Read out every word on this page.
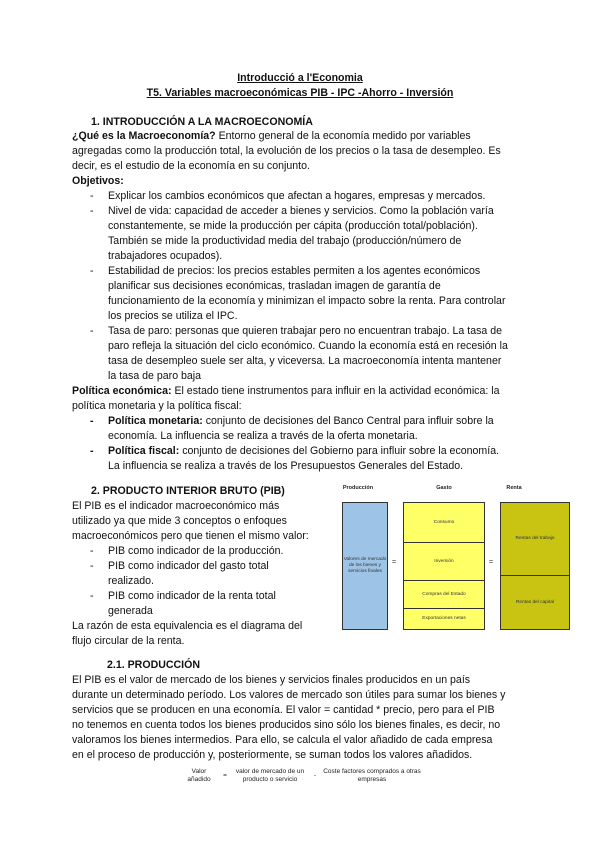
Introducció a l'Economia
T5. Variables macroeconómicas PIB - IPC -Ahorro - Inversión
1. INTRODUCCIÓN A LA MACROECONOMÍA
¿Qué es la Macroeconomía? Entorno general de la economía medido por variables
agregadas como la producción total, la evolución de los precios o la tasa de desempleo. Es
decir, es el estudio de la economía en su conjunto.
Objetivos:
- Explicar los cambios económicos que afectan a hogares, empresas y mercados.
- Nivel de vida: capacidad de acceder a bienes y servicios. Como la población varía
constantemente, se mide la producción per cápita (producción total/población).
También se mide la productividad media del trabajo (producción/número de
trabajadores ocupados).
- Estabilidad de precios: los precios estables permiten a los agentes económicos
planificar sus decisiones económicas, trasladan imagen de garantía de
funcionamiento de la economía y minimizan el impacto sobre la renta. Para controlar
los precios se utiliza el IPC.
- Tasa de paro: personas que quieren trabajar pero no encuentran trabajo. La tasa de
paro refleja la situación del ciclo económico. Cuando la economía está en recesión la
tasa de desempleo suele ser alta, y viceversa. La macroeconomía intenta mantener
la tasa de paro baja
Política económica: El estado tiene instrumentos para influir en la actividad económica: la
política monetaria y la política fiscal:
- Política monetaria: conjunto de decisiones del Banco Central para influir sobre la
economía. La influencia se realiza a través de la oferta monetaria.
- Política fiscal: conjunto de decisiones del Gobierno para influir sobre la economía.
La influencia se realiza a través de los Presupuestos Generales del Estado.
2. PRODUCTO INTERIOR BRUTO (PIB)
El PIB es el indicador macroeconómico más
utilizado ya que mide 3 conceptos o enfoques
macroeconómicos pero que tienen el mismo valor:
- PIB como indicador de la producción.
- PIB como indicador del gasto total
realizado.
- PIB como indicador de la renta total
generada
La razón de esta equivalencia es el diagrama del
flujo circular de la renta.
Producción	Gasto	Renta
Valores de mercado de los bienes y servicios finales
=
Consumo
Inversión
Compras del Estado
Exportaciones netas
=
Rentas del trabajo
Rentas del capital
2.1. PRODUCCIÓN
El PIB es el valor de mercado de los bienes y servicios finales producidos en un país
durante un determinado período. Los valores de mercado son útiles para sumar los bienes y
servicios que se producen en una economía. El valor = cantidad * precio, pero para el PIB
no tenemos en cuenta todos los bienes producidos sino sólo los bienes finales, es decir, no
valoramos los bienes intermedios. Para ello, se calcula el valor añadido de cada empresa
en el proceso de producción y, posteriormente, se suman todos los valores añadidos.
Valor añadido
=
valor de mercado de un producto o servicio
-
Coste factores comprados a otras empresas
